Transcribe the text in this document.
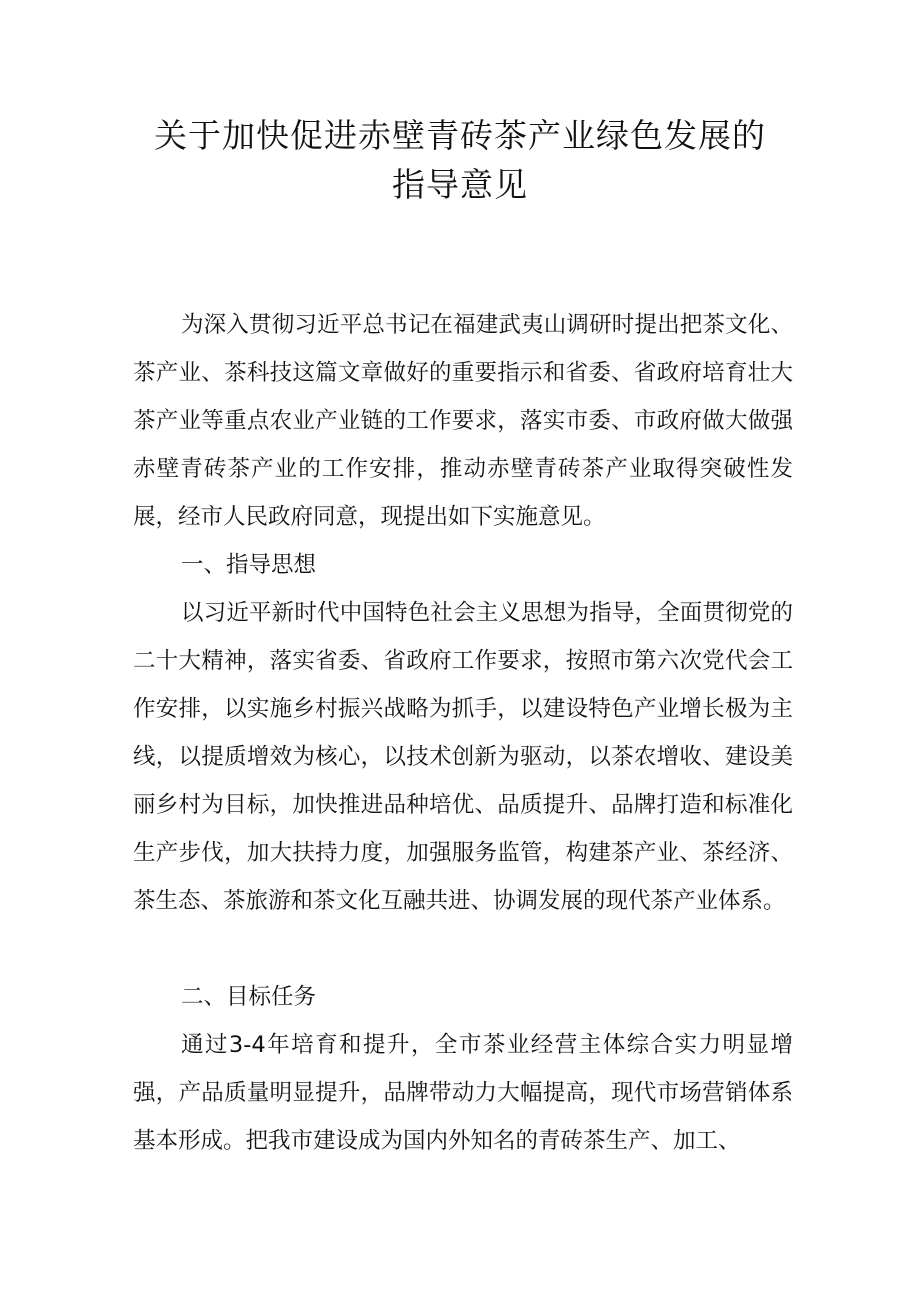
关于加快促进赤壁青砖茶产业绿色发展的
指导意见

为深入贯彻习近平总书记在福建武夷山调研时提出把茶文化、茶产业、茶科技这篇文章做好的重要指示和省委、省政府培育壮大茶产业等重点农业产业链的工作要求，落实市委、市政府做大做强赤壁青砖茶产业的工作安排，推动赤壁青砖茶产业取得突破性发展，经市人民政府同意，现提出如下实施意见。

一、指导思想

以习近平新时代中国特色社会主义思想为指导，全面贯彻党的二十大精神，落实省委、省政府工作要求，按照市第六次党代会工作安排，以实施乡村振兴战略为抓手，以建设特色产业增长极为主线，以提质增效为核心，以技术创新为驱动，以茶农增收、建设美丽乡村为目标，加快推进品种培优、品质提升、品牌打造和标准化生产步伐，加大扶持力度，加强服务监管，构建茶产业、茶经济、茶生态、茶旅游和茶文化互融共进、协调发展的现代茶产业体系。

二、目标任务

通过3-4年培育和提升，全市茶业经营主体综合实力明显增强，产品质量明显提升，品牌带动力大幅提高，现代市场营销体系基本形成。把我市建设成为国内外知名的青砖茶生产、加工、
